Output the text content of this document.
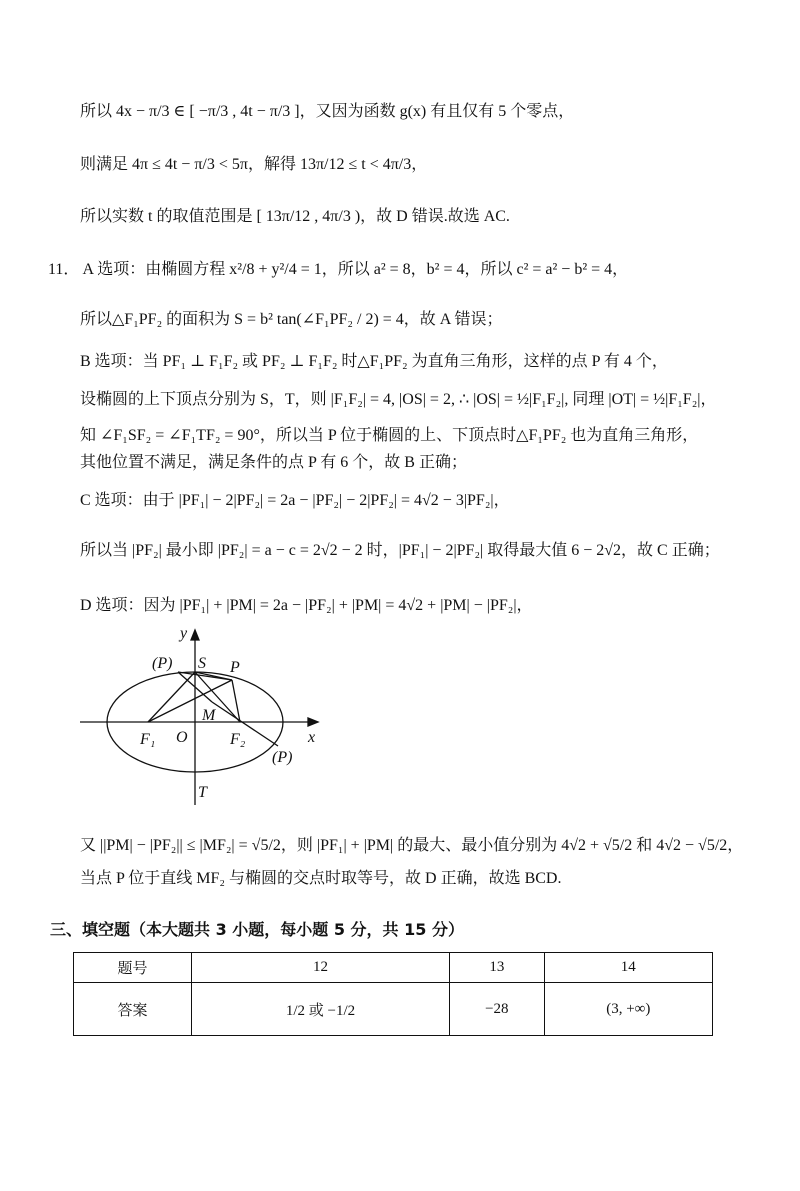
所以 4x − π/3 ∈ [ −π/3 , 4t − π/3 ]，又因为函数 g(x) 有且仅有 5 个零点，
则满足 4π ≤ 4t − π/3 < 5π，解得 13π/12 ≤ t < 4π/3，
所以实数 t 的取值范围是 [ 13π/12 , 4π/3 )，故 D 错误.故选 AC.
11． A 选项：由椭圆方程 x²/8 + y²/4 = 1，所以 a² = 8，b² = 4，所以 c² = a² − b² = 4，
所以△F₁PF₂ 的面积为 S = b² tan(∠F₁PF₂ / 2) = 4，故 A 错误；
B 选项：当 PF₁ ⊥ F₁F₂ 或 PF₂ ⊥ F₁F₂ 时△F₁PF₂ 为直角三角形，这样的点 P 有 4 个，
设椭圆的上下顶点分别为 S，T，则 |F₁F₂| = 4, |OS| = 2, ∴ |OS| = ½|F₁F₂|, 同理 |OT| = ½|F₁F₂|，
知 ∠F₁SF₂ = ∠F₁TF₂ = 90°，所以当 P 位于椭圆的上、下顶点时△F₁PF₂ 也为直角三角形，
其他位置不满足，满足条件的点 P 有 6 个，故 B 正确；
C 选项：由于 |PF₁| − 2|PF₂| = 2a − |PF₂| − 2|PF₂| = 4√2 − 3|PF₂|，
所以当 |PF₂| 最小即 |PF₂| = a − c = 2√2 − 2 时，|PF₁| − 2|PF₂| 取得最大值 6 − 2√2，故 C 正确；
D 选项：因为 |PF₁| + |PM| = 2a − |PF₂| + |PM| = 4√2 + |PM| − |PF₂|，
y
x
(P) S P
M
F₁ O	F₂
(P)
T
又 ||PM| − |PF₂|| ≤ |MF₂| = √5/2，则 |PF₁| + |PM| 的最大、最小值分别为 4√2 + √5/2 和 4√2 − √5/2，
当点 P 位于直线 MF₂ 与椭圆的交点时取等号，故 D 正确，故选 BCD.
三、填空题（本大题共 3 小题，每小题 5 分，共 15 分）
题号	12	13	14
答案	1/2 或 −1/2	−28	(3, +∞)
